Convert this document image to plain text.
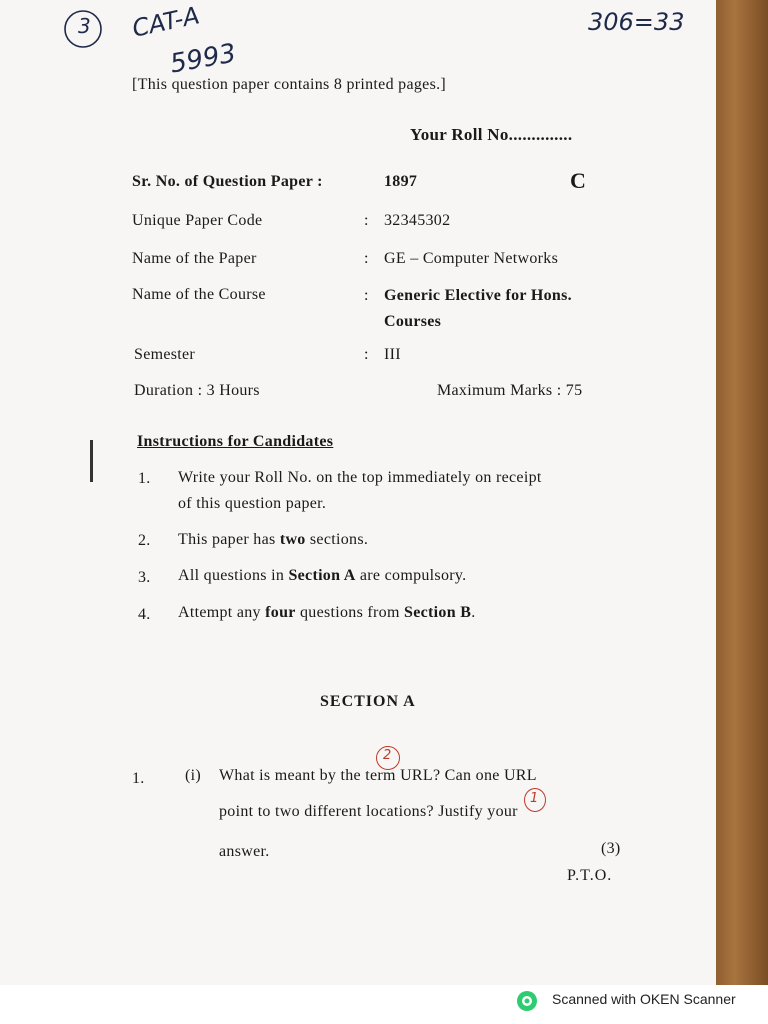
3 CAT-A
5993
306=33
[This question paper contains 8 printed pages.]
Your Roll No..............
Sr. No. of Question Paper :	1897	C
Unique Paper Code	: 32345302
Name of the Paper	: GE – Computer Networks
Name of the Course	: Generic Elective for Hons.
Courses
Semester	: III
Duration : 3 Hours	Maximum Marks : 75
Instructions for Candidates
1. Write your Roll No. on the top immediately on receipt
of this question paper.
2. This paper has two sections.
3. All questions in Section A are compulsory.
4. Attempt any four questions from Section B.
SECTION A
1.	(i) What is meant by the term URL? Can one URL
point to two different locations? Justify your
answer.
2
1
(3)
P.T.O.
Scanned with OKEN Scanner
